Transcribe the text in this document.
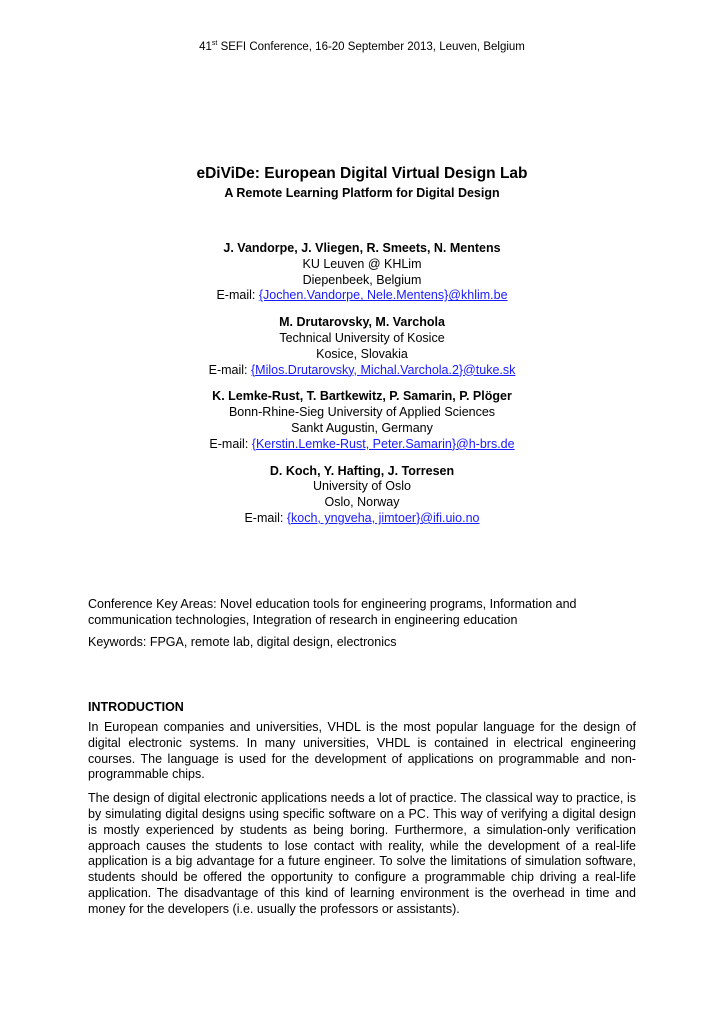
41st SEFI Conference, 16-20 September 2013, Leuven, Belgium
eDiViDe: European Digital Virtual Design Lab
A Remote Learning Platform for Digital Design
J. Vandorpe, J. Vliegen, R. Smeets, N. Mentens
KU Leuven @ KHLim
Diepenbeek, Belgium
E-mail: {Jochen.Vandorpe, Nele.Mentens}@khlim.be
M. Drutarovsky, M. Varchola
Technical University of Kosice
Kosice, Slovakia
E-mail: {Milos.Drutarovsky, Michal.Varchola.2}@tuke.sk
K. Lemke-Rust, T. Bartkewitz, P. Samarin, P. Plöger
Bonn-Rhine-Sieg University of Applied Sciences
Sankt Augustin, Germany
E-mail: {Kerstin.Lemke-Rust, Peter.Samarin}@h-brs.de
D. Koch, Y. Hafting, J. Torresen
University of Oslo
Oslo, Norway
E-mail: {koch, yngveha, jimtoer}@ifi.uio.no

Conference Key Areas: Novel education tools for engineering programs, Information and communication technologies, Integration of research in engineering education

Keywords: FPGA, remote lab, digital design, electronics

INTRODUCTION

In European companies and universities, VHDL is the most popular language for the design of digital electronic systems. In many universities, VHDL is contained in electrical engineering courses. The language is used for the development of applications on programmable and non-programmable chips.

The design of digital electronic applications needs a lot of practice. The classical way to practice, is by simulating digital designs using specific software on a PC. This way of verifying a digital design is mostly experienced by students as being boring. Furthermore, a simulation-only verification approach causes the students to lose contact with reality, while the development of a real-life application is a big advantage for a future engineer. To solve the limitations of simulation software, students should be offered the opportunity to configure a programmable chip driving a real-life application. The disadvantage of this kind of learning environment is the overhead in time and money for the developers (i.e. usually the professors or assistants).
